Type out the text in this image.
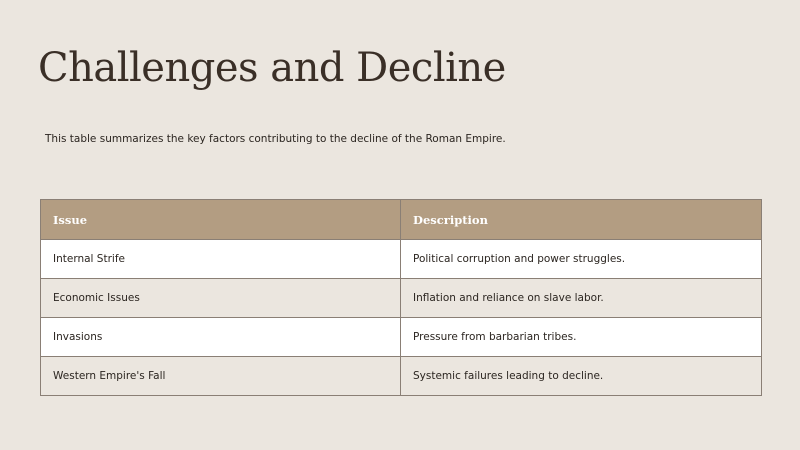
Challenges and Decline

This table summarizes the key factors contributing to the decline of the Roman Empire.

Issue	Description
Internal Strife	Political corruption and power struggles.
Economic Issues	Inflation and reliance on slave labor.
Invasions	Pressure from barbarian tribes.
Western Empire's Fall	Systemic failures leading to decline.
